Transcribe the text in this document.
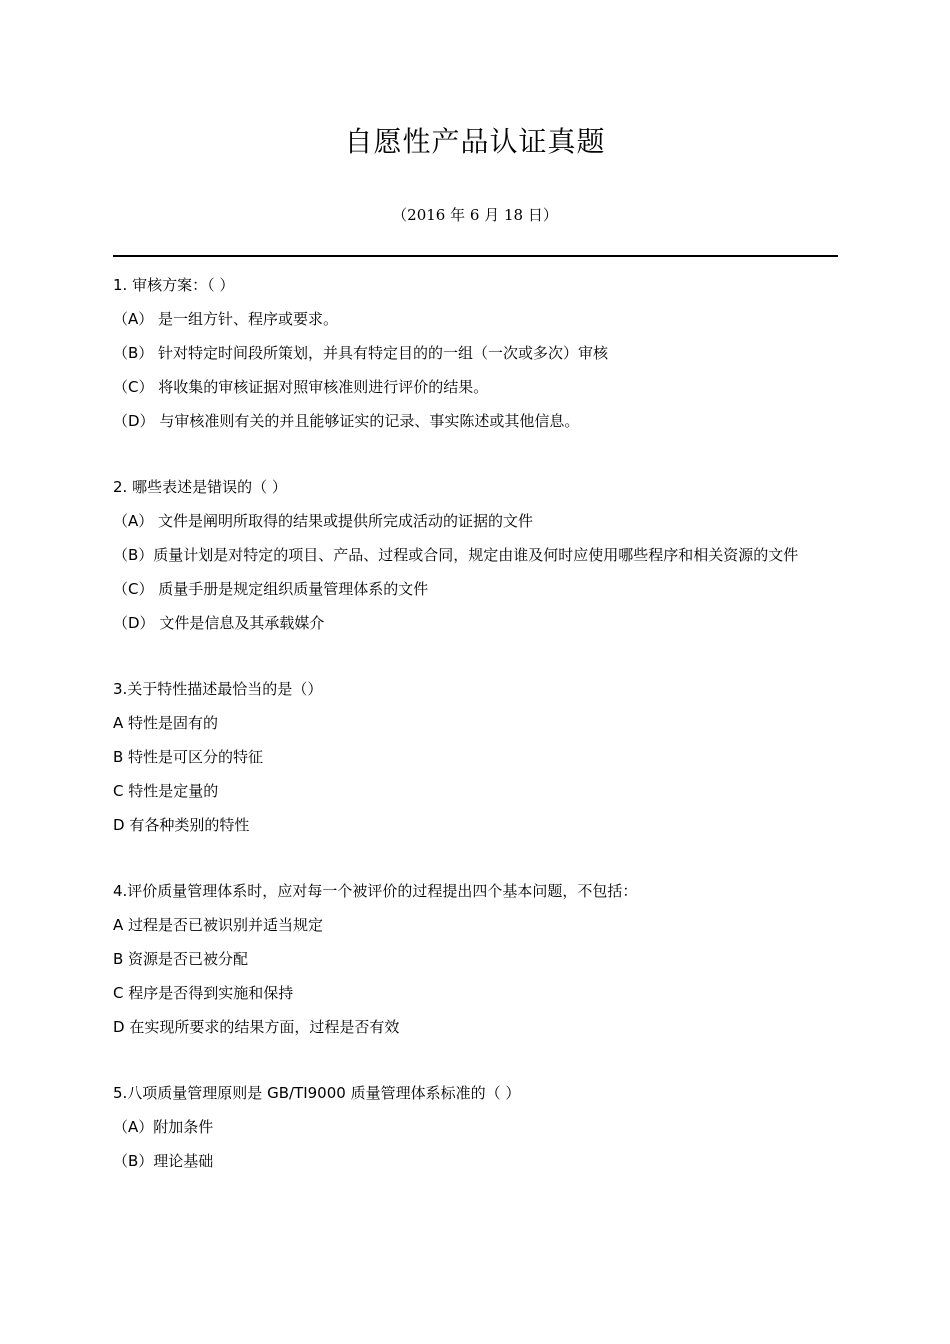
自愿性产品认证真题
（2016 年 6 月 18 日）
1. 审核方案：（ ）
（A） 是一组方针、程序或要求。
（B） 针对特定时间段所策划，并具有特定目的的一组（一次或多次）审核
（C） 将收集的审核证据对照审核准则进行评价的结果。
（D） 与审核准则有关的并且能够证实的记录、事实陈述或其他信息。
2. 哪些表述是错误的（ ）
（A） 文件是阐明所取得的结果或提供所完成活动的证据的文件
（B）质量计划是对特定的项目、产品、过程或合同，规定由谁及何时应使用哪些程序和相关资源的文件
（C） 质量手册是规定组织质量管理体系的文件
（D） 文件是信息及其承载媒介
3.关于特性描述最恰当的是（）
A 特性是固有的
B 特性是可区分的特征
C 特性是定量的
D 有各种类别的特性
4.评价质量管理体系时，应对每一个被评价的过程提出四个基本问题，不包括：
A 过程是否已被识别并适当规定
B 资源是否已被分配
C 程序是否得到实施和保持
D 在实现所要求的结果方面，过程是否有效
5.八项质量管理原则是 GB/TI9000 质量管理体系标准的（ ）
（A）附加条件
（B）理论基础
